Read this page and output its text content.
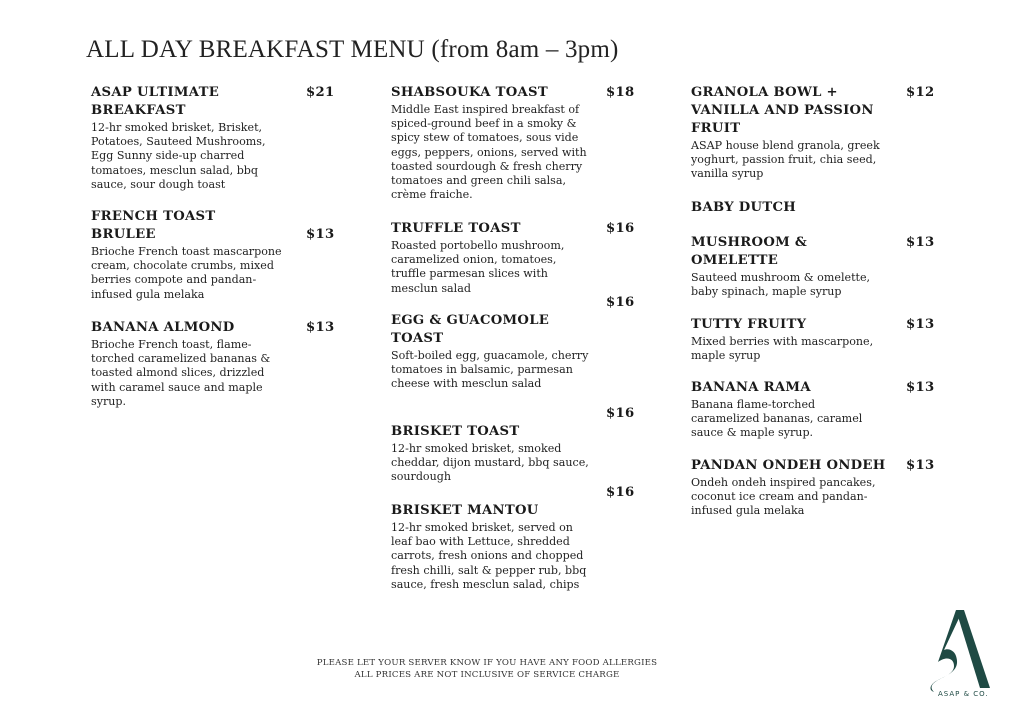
ALL DAY BREAKFAST MENU (from 8am – 3pm)
ASAP ULTIMATE BREAKFAST
12-hr smoked brisket, Brisket, Potatoes, Sauteed Mushrooms, Egg Sunny side-up charred tomatoes, mesclun salad, bbq sauce, sour dough toast
$21
FRENCH TOAST BRULEE
Brioche French toast mascarpone cream, chocolate crumbs, mixed berries compote and pandan-infused gula melaka
$13
BANANA ALMOND
Brioche French toast, flame-torched caramelized bananas & toasted almond slices, drizzled with caramel sauce and maple syrup.
$13
SHABSOUKA TOAST
Middle East inspired breakfast of spiced-ground beef in a smoky & spicy stew of tomatoes, sous vide eggs, peppers, onions, served with toasted sourdough & fresh cherry tomatoes and green chili salsa, crème fraiche.
$18
TRUFFLE TOAST
Roasted portobello mushroom, caramelized onion, tomatoes, truffle parmesan slices with mesclun salad
$16
EGG & GUACOMOLE TOAST
Soft-boiled egg, guacamole, cherry tomatoes in balsamic, parmesan cheese with mesclun salad
$16
BRISKET TOAST
12-hr smoked brisket, smoked cheddar, dijon mustard, bbq sauce, sourdough
$16
BRISKET MANTOU
12-hr smoked brisket, served on leaf bao with Lettuce, shredded carrots, fresh onions and chopped fresh chilli, salt & pepper rub, bbq sauce, fresh mesclun salad, chips
$16
GRANOLA BOWL + VANILLA AND PASSION FRUIT
ASAP house blend granola, greek yoghurt, passion fruit, chia seed, vanilla syrup
$12
BABY DUTCH
MUSHROOM & OMELETTE
Sauteed mushroom & omelette, baby spinach, maple syrup
$13
TUTTY FRUITY
Mixed berries with mascarpone, maple syrup
$13
BANANA RAMA
Banana flame-torched caramelized bananas, caramel sauce & maple syrup.
$13
PANDAN ONDEH ONDEH
Ondeh ondeh inspired pancakes, coconut ice cream and pandan-infused gula melaka
$13
PLEASE LET YOUR SERVER KNOW IF YOU HAVE ANY FOOD ALLERGIES
ALL PRICES ARE NOT INCLUSIVE OF SERVICE CHARGE
ASAP & CO.
